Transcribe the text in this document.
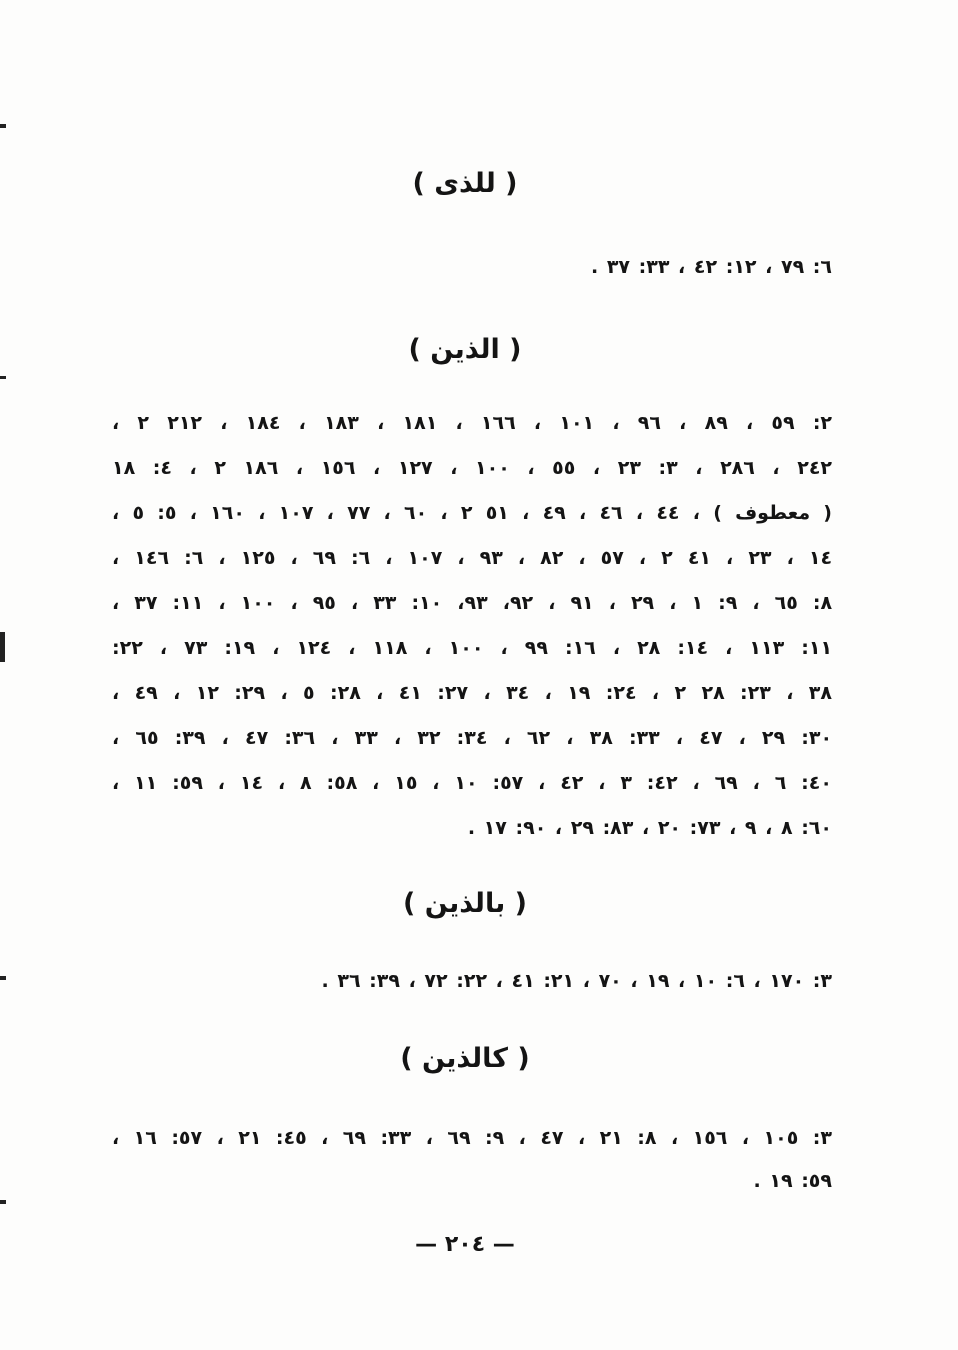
( للذى )
٦: ٧٩ ، ١٢: ٤٢ ، ٣٣: ٣٧ .
( الذين )
٢: ٥٩ ، ٨٩ ، ٩٦ ، ١٠١ ، ١٦٦ ، ١٨١ ، ١٨٣ ، ١٨٤ ، ٢١٢ ٢ ،
٢٤٢ ، ٢٨٦ ، ٣: ٢٣ ، ٥٥ ، ١٠٠ ، ١٢٧ ، ١٥٦ ، ١٨٦ ٢ ، ٤: ١٨
( معطوف ) ، ٤٤ ، ٤٦ ، ٤٩ ، ٥١ ٢ ، ٦٠ ، ٧٧ ، ١٠٧ ، ١٦٠ ، ٥: ٥ ،
١٤ ، ٢٣ ، ٤١ ٢ ، ٥٧ ، ٨٢ ، ٩٣ ، ١٠٧ ، ٦: ٦٩ ، ١٢٥ ، ٦: ١٤٦ ،
٨: ٦٥ ، ٩: ١ ، ٢٩ ، ٩١ ، ٩٢، ٩٣، ١٠: ٣٣ ، ٩٥ ، ١٠٠ ، ١١: ٣٧ ،
١١: ١١٣ ، ١٤: ٢٨ ، ١٦: ٩٩ ، ١٠٠ ، ١١٨ ، ١٢٤ ، ١٩: ٧٣ ، ٢٢:
٣٨ ، ٢٣: ٢٨ ٢ ، ٢٤: ١٩ ، ٣٤ ، ٢٧: ٤١ ، ٢٨: ٥ ، ٢٩: ١٢ ، ٤٩ ،
٣٠: ٢٩ ، ٤٧ ، ٣٣: ٣٨ ، ٦٢ ، ٣٤: ٣٢ ، ٣٣ ، ٣٦: ٤٧ ، ٣٩: ٦٥ ،
٤٠: ٦ ، ٦٩ ، ٤٢: ٣ ، ٤٢ ، ٥٧: ١٠ ، ١٥ ، ٥٨: ٨ ، ١٤ ، ٥٩: ١١ ،
٦٠: ٨ ، ٩ ، ٧٣: ٢٠ ، ٨٣: ٢٩ ، ٩٠: ١٧ .
( بالذين )
٣: ١٧٠ ، ٦: ١٠ ، ١٩ ، ٧٠ ، ٢١: ٤١ ، ٢٢: ٧٢ ، ٣٩: ٣٦ .
( كالذين )
٣: ١٠٥ ، ١٥٦ ، ٨: ٢١ ، ٤٧ ، ٩: ٦٩ ، ٣٣: ٦٩ ، ٤٥: ٢١ ، ٥٧: ١٦ ،
٥٩: ١٩ .
— ٢٠٤ —
